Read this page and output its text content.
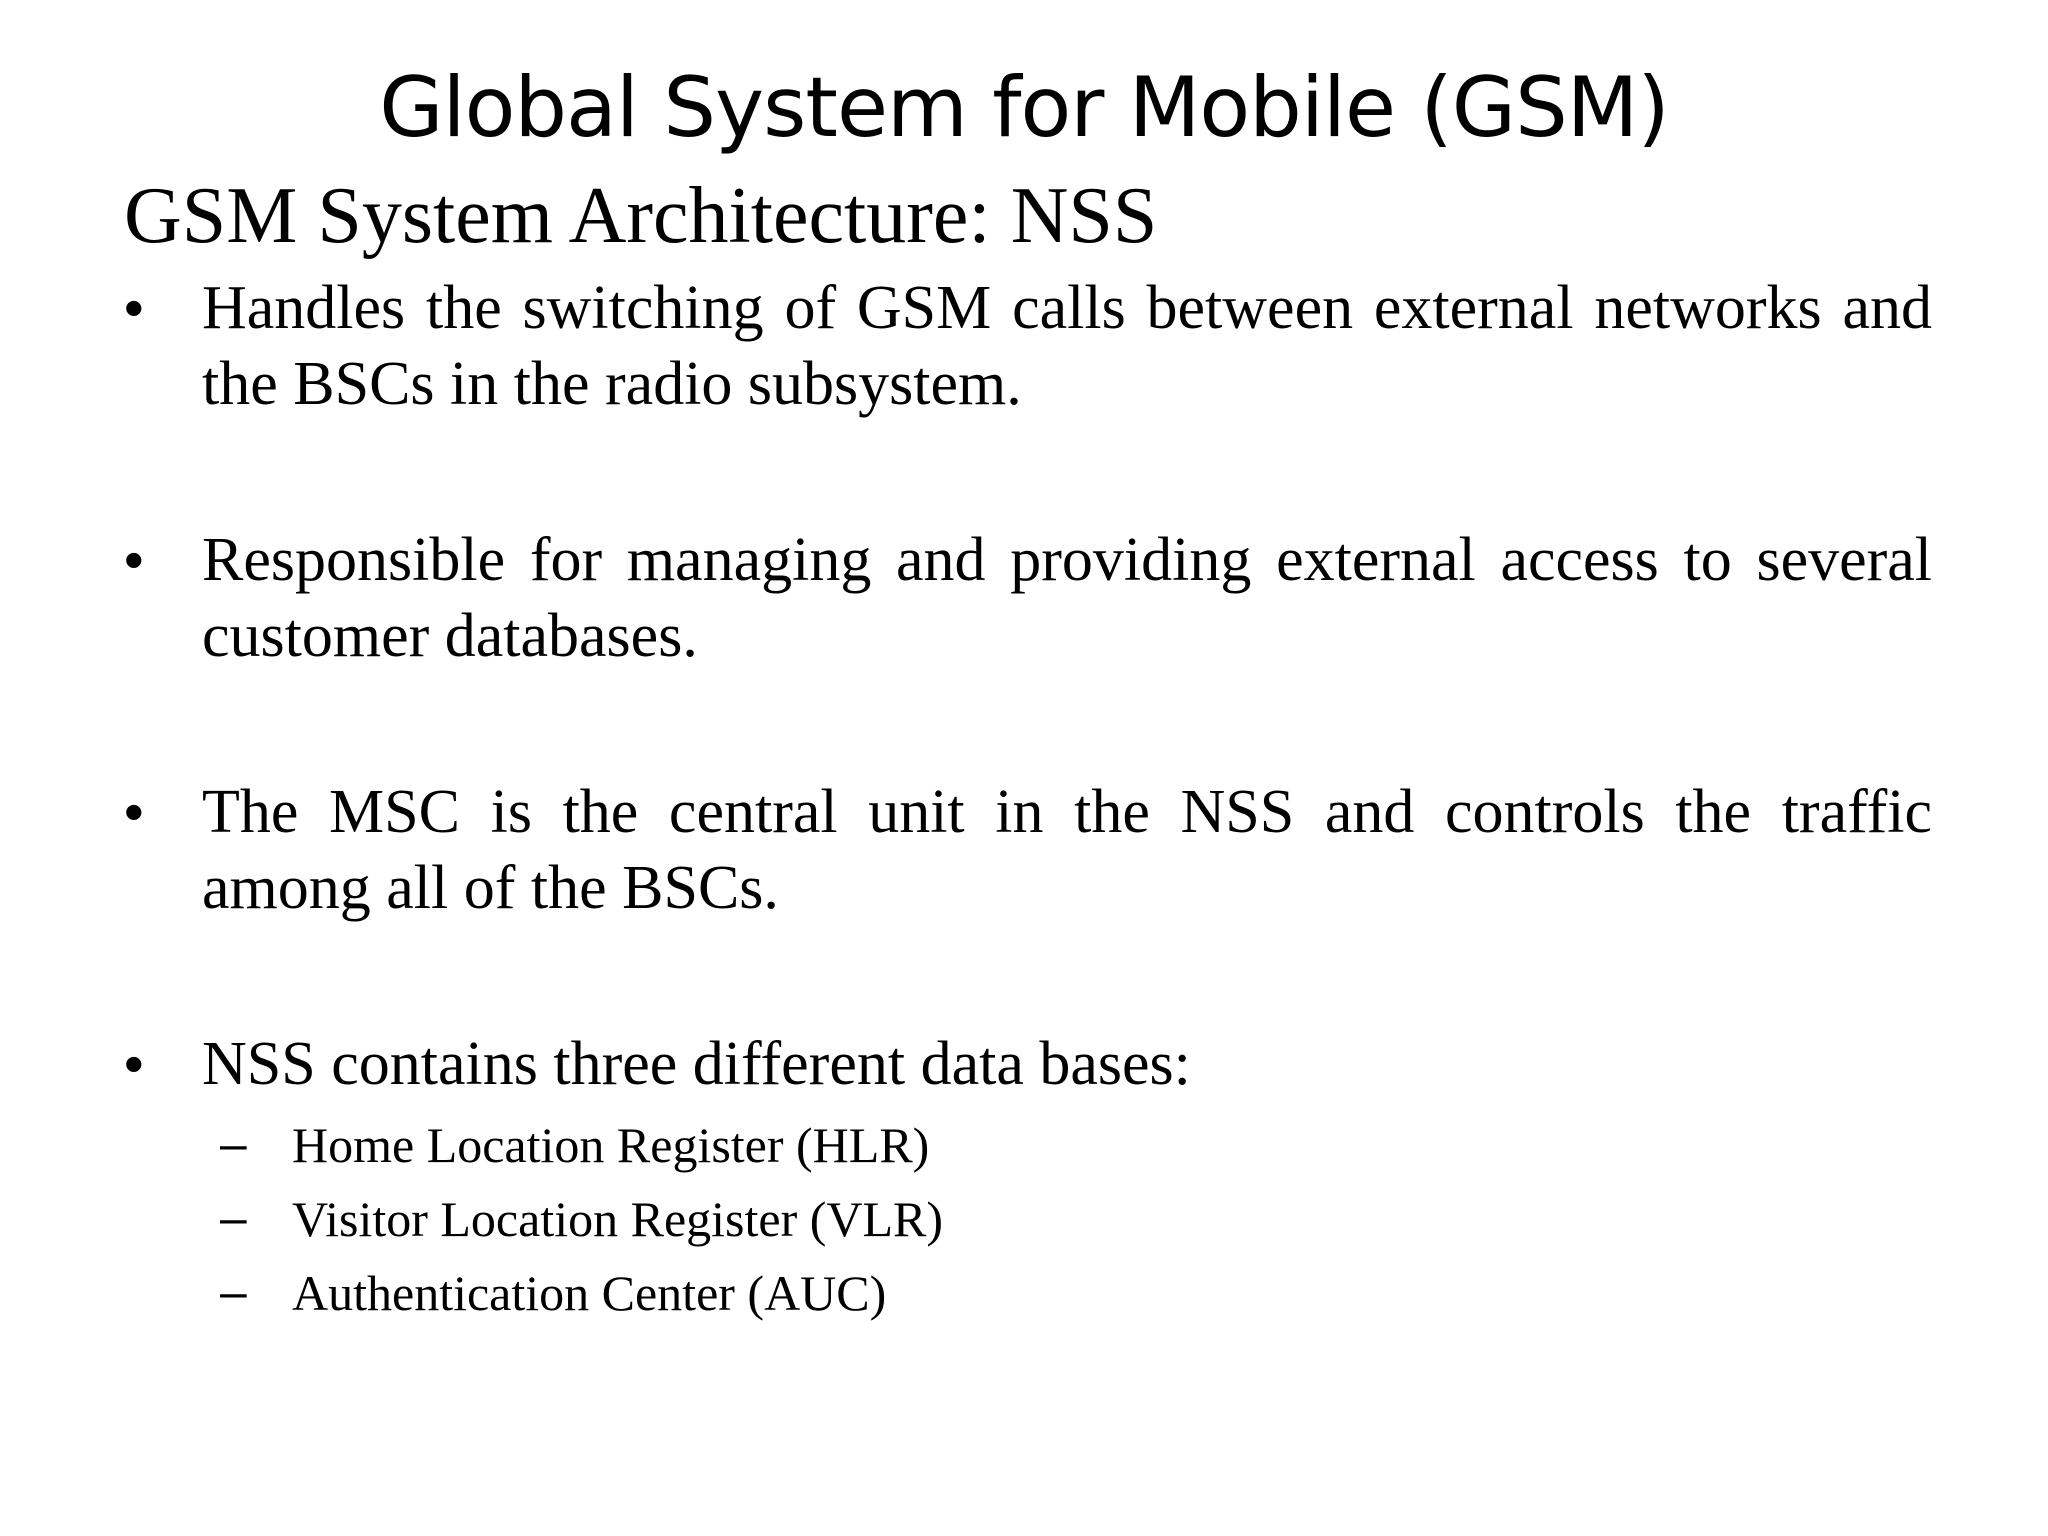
Global System for Mobile (GSM)
GSM System Architecture: NSS
• Handles the switching of GSM calls between external networks and the BSCs in the radio subsystem.
• Responsible for managing and providing external access to several customer databases.
• The MSC is the central unit in the NSS and controls the traffic among all of the BSCs.
• NSS contains three different data bases:
– Home Location Register (HLR)
– Visitor Location Register (VLR)
– Authentication Center (AUC)
